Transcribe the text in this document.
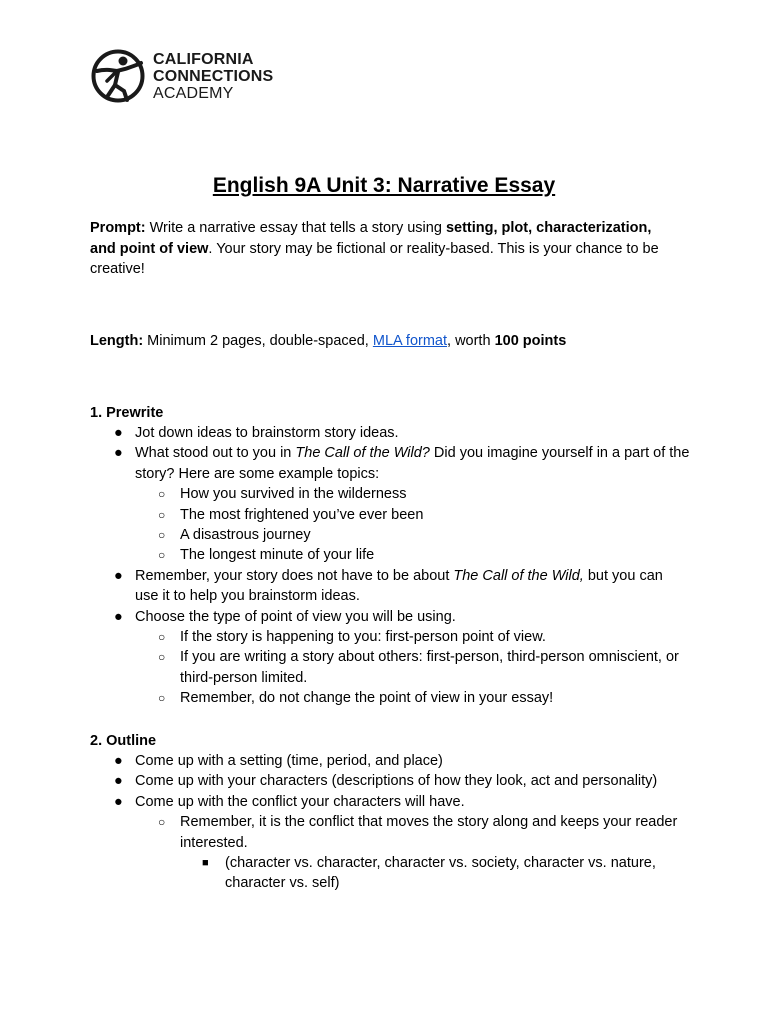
CALIFORNIA
CONNECTIONS
ACADEMY
English 9A Unit 3: Narrative Essay
Prompt: Write a narrative essay that tells a story using setting, plot, characterization, and point of view. Your story may be fictional or reality-based. This is your chance to be creative!
Length: Minimum 2 pages, double-spaced, MLA format, worth 100 points
1. Prewrite
● Jot down ideas to brainstorm story ideas.
● What stood out to you in The Call of the Wild? Did you imagine yourself in a part of the story? Here are some example topics:
○ How you survived in the wilderness
○ The most frightened you’ve ever been
○ A disastrous journey
○ The longest minute of your life
● Remember, your story does not have to be about The Call of the Wild, but you can use it to help you brainstorm ideas.
● Choose the type of point of view you will be using.
○ If the story is happening to you: first-person point of view.
○ If you are writing a story about others: first-person, third-person omniscient, or third-person limited.
○ Remember, do not change the point of view in your essay!
2. Outline
● Come up with a setting (time, period, and place)
● Come up with your characters (descriptions of how they look, act and personality)
● Come up with the conflict your characters will have.
○ Remember, it is the conflict that moves the story along and keeps your reader interested.
■ (character vs. character, character vs. society, character vs. nature, character vs. self)
